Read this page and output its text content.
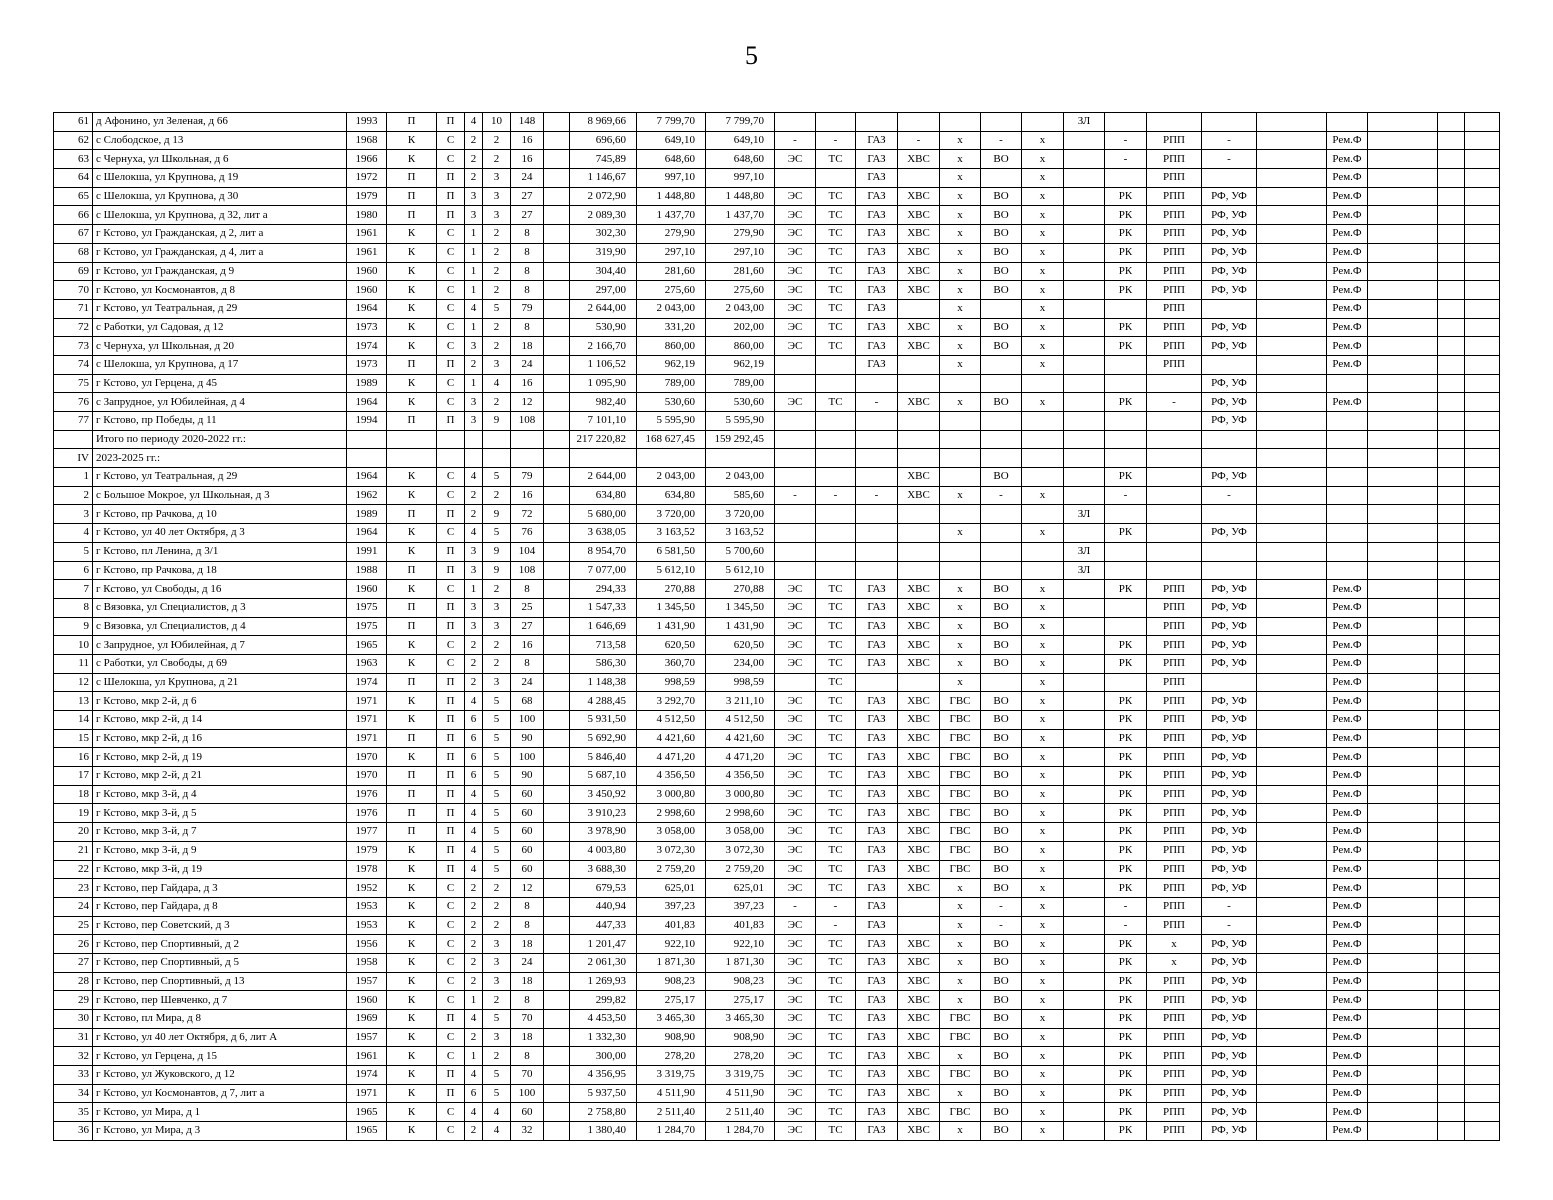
5
61	д Афонино, ул Зеленая, д 66	1993	П	П	4	10	148		8 969,66	7 799,70	7 799,70								ЗЛ								
62	с Слободское, д 13	1968	К	С	2	2	16		696,60	649,10	649,10	-	-	ГАЗ	-	х	-	х		-	РПП	-		Рем.Ф			
63	с Чернуха, ул Школьная, д 6	1966	К	С	2	2	16		745,89	648,60	648,60	ЭС	ТС	ГАЗ	ХВС	х	ВО	х		-	РПП	-		Рем.Ф			
64	с Шелокша, ул Крупнова, д 19	1972	П	П	2	3	24		1 146,67	997,10	997,10			ГАЗ		х		х			РПП			Рем.Ф			
65	с Шелокша, ул Крупнова, д 30	1979	П	П	3	3	27		2 072,90	1 448,80	1 448,80	ЭС	ТС	ГАЗ	ХВС	х	ВО	х		РК	РПП	РФ, УФ		Рем.Ф			
66	с Шелокша, ул Крупнова, д 32, лит а	1980	П	П	3	3	27		2 089,30	1 437,70	1 437,70	ЭС	ТС	ГАЗ	ХВС	х	ВО	х		РК	РПП	РФ, УФ		Рем.Ф			
67	г Кстово, ул Гражданская, д 2, лит а	1961	К	С	1	2	8		302,30	279,90	279,90	ЭС	ТС	ГАЗ	ХВС	х	ВО	х		РК	РПП	РФ, УФ		Рем.Ф			
68	г Кстово, ул Гражданская, д 4, лит а	1961	К	С	1	2	8		319,90	297,10	297,10	ЭС	ТС	ГАЗ	ХВС	х	ВО	х		РК	РПП	РФ, УФ		Рем.Ф			
69	г Кстово, ул Гражданская, д 9	1960	К	С	1	2	8		304,40	281,60	281,60	ЭС	ТС	ГАЗ	ХВС	х	ВО	х		РК	РПП	РФ, УФ		Рем.Ф			
70	г Кстово, ул Космонавтов, д 8	1960	К	С	1	2	8		297,00	275,60	275,60	ЭС	ТС	ГАЗ	ХВС	х	ВО	х		РК	РПП	РФ, УФ		Рем.Ф			
71	г Кстово, ул Театральная, д 29	1964	К	С	4	5	79		2 644,00	2 043,00	2 043,00	ЭС	ТС	ГАЗ		х		х			РПП			Рем.Ф			
72	с Работки, ул Садовая, д 12	1973	К	С	1	2	8		530,90	331,20	202,00	ЭС	ТС	ГАЗ	ХВС	х	ВО	х		РК	РПП	РФ, УФ		Рем.Ф			
73	с Чернуха, ул Школьная, д 20	1974	К	С	3	2	18		2 166,70	860,00	860,00	ЭС	ТС	ГАЗ	ХВС	х	ВО	х		РК	РПП	РФ, УФ		Рем.Ф			
74	с Шелокша, ул Крупнова, д 17	1973	П	П	2	3	24		1 106,52	962,19	962,19			ГАЗ		х		х			РПП			Рем.Ф			
75	г Кстово, ул Герцена, д 45	1989	К	С	1	4	16		1 095,90	789,00	789,00											РФ, УФ					
76	с Запрудное, ул Юбилейная, д 4	1964	К	С	3	2	12		982,40	530,60	530,60	ЭС	ТС	-	ХВС	х	ВО	х		РК	-	РФ, УФ		Рем.Ф			
77	г Кстово, пр Победы, д 11	1994	П	П	3	9	108		7 101,10	5 595,90	5 595,90											РФ, УФ					
	Итого по периоду 2020-2022 гг.:								217 220,82	168 627,45	159 292,45																
IV	2023-2025 гг.:																										
1	г Кстово, ул Театральная, д 29	1964	К	С	4	5	79		2 644,00	2 043,00	2 043,00				ХВС		ВО			РК		РФ, УФ					
2	с Большое Мокрое, ул Школьная, д 3	1962	К	С	2	2	16		634,80	634,80	585,60	-	-	-	ХВС	х	-	х		-		-					
3	г Кстово, пр Рачкова, д 10	1989	П	П	2	9	72		5 680,00	3 720,00	3 720,00								ЗЛ								
4	г Кстово, ул 40 лет Октября, д 3	1964	К	С	4	5	76		3 638,05	3 163,52	3 163,52					х		х		РК		РФ, УФ					
5	г Кстово, пл Ленина, д 3/1	1991	К	П	3	9	104		8 954,70	6 581,50	5 700,60								ЗЛ								
6	г Кстово, пр Рачкова, д 18	1988	П	П	3	9	108		7 077,00	5 612,10	5 612,10								ЗЛ								
7	г Кстово, ул Свободы, д 16	1960	К	С	1	2	8		294,33	270,88	270,88	ЭС	ТС	ГАЗ	ХВС	х	ВО	х		РК	РПП	РФ, УФ		Рем.Ф			
8	с Вязовка, ул Специалистов, д 3	1975	П	П	3	3	25		1 547,33	1 345,50	1 345,50	ЭС	ТС	ГАЗ	ХВС	х	ВО	х			РПП	РФ, УФ		Рем.Ф			
9	с Вязовка, ул Специалистов, д 4	1975	П	П	3	3	27		1 646,69	1 431,90	1 431,90	ЭС	ТС	ГАЗ	ХВС	х	ВО	х			РПП	РФ, УФ		Рем.Ф			
10	с Запрудное, ул Юбилейная, д 7	1965	К	С	2	2	16		713,58	620,50	620,50	ЭС	ТС	ГАЗ	ХВС	х	ВО	х		РК	РПП	РФ, УФ		Рем.Ф			
11	с Работки, ул Свободы, д 69	1963	К	С	2	2	8		586,30	360,70	234,00	ЭС	ТС	ГАЗ	ХВС	х	ВО	х		РК	РПП	РФ, УФ		Рем.Ф			
12	с Шелокша, ул Крупнова, д 21	1974	П	П	2	3	24		1 148,38	998,59	998,59		ТС			х		х			РПП			Рем.Ф			
13	г Кстово, мкр 2-й, д 6	1971	К	П	4	5	68		4 288,45	3 292,70	3 211,10	ЭС	ТС	ГАЗ	ХВС	ГВС	ВО	х		РК	РПП	РФ, УФ		Рем.Ф			
14	г Кстово, мкр 2-й, д 14	1971	К	П	6	5	100		5 931,50	4 512,50	4 512,50	ЭС	ТС	ГАЗ	ХВС	ГВС	ВО	х		РК	РПП	РФ, УФ		Рем.Ф			
15	г Кстово, мкр 2-й, д 16	1971	П	П	6	5	90		5 692,90	4 421,60	4 421,60	ЭС	ТС	ГАЗ	ХВС	ГВС	ВО	х		РК	РПП	РФ, УФ		Рем.Ф			
16	г Кстово, мкр 2-й, д 19	1970	К	П	6	5	100		5 846,40	4 471,20	4 471,20	ЭС	ТС	ГАЗ	ХВС	ГВС	ВО	х		РК	РПП	РФ, УФ		Рем.Ф			
17	г Кстово, мкр 2-й, д 21	1970	П	П	6	5	90		5 687,10	4 356,50	4 356,50	ЭС	ТС	ГАЗ	ХВС	ГВС	ВО	х		РК	РПП	РФ, УФ		Рем.Ф			
18	г Кстово, мкр 3-й, д 4	1976	П	П	4	5	60		3 450,92	3 000,80	3 000,80	ЭС	ТС	ГАЗ	ХВС	ГВС	ВО	х		РК	РПП	РФ, УФ		Рем.Ф			
19	г Кстово, мкр 3-й, д 5	1976	П	П	4	5	60		3 910,23	2 998,60	2 998,60	ЭС	ТС	ГАЗ	ХВС	ГВС	ВО	х		РК	РПП	РФ, УФ		Рем.Ф			
20	г Кстово, мкр 3-й, д 7	1977	П	П	4	5	60		3 978,90	3 058,00	3 058,00	ЭС	ТС	ГАЗ	ХВС	ГВС	ВО	х		РК	РПП	РФ, УФ		Рем.Ф			
21	г Кстово, мкр 3-й, д 9	1979	К	П	4	5	60		4 003,80	3 072,30	3 072,30	ЭС	ТС	ГАЗ	ХВС	ГВС	ВО	х		РК	РПП	РФ, УФ		Рем.Ф			
22	г Кстово, мкр 3-й, д 19	1978	К	П	4	5	60		3 688,30	2 759,20	2 759,20	ЭС	ТС	ГАЗ	ХВС	ГВС	ВО	х		РК	РПП	РФ, УФ		Рем.Ф			
23	г Кстово, пер Гайдара, д 3	1952	К	С	2	2	12		679,53	625,01	625,01	ЭС	ТС	ГАЗ	ХВС	х	ВО	х		РК	РПП	РФ, УФ		Рем.Ф			
24	г Кстово, пер Гайдара, д 8	1953	К	С	2	2	8		440,94	397,23	397,23	-	-	ГАЗ		х	-	х		-	РПП	-		Рем.Ф			
25	г Кстово, пер Советский, д 3	1953	К	С	2	2	8		447,33	401,83	401,83	ЭС	-	ГАЗ		х	-	х		-	РПП	-		Рем.Ф			
26	г Кстово, пер Спортивный, д 2	1956	К	С	2	3	18		1 201,47	922,10	922,10	ЭС	ТС	ГАЗ	ХВС	х	ВО	х		РК	х	РФ, УФ		Рем.Ф			
27	г Кстово, пер Спортивный, д 5	1958	К	С	2	3	24		2 061,30	1 871,30	1 871,30	ЭС	ТС	ГАЗ	ХВС	х	ВО	х		РК	х	РФ, УФ		Рем.Ф			
28	г Кстово, пер Спортивный, д 13	1957	К	С	2	3	18		1 269,93	908,23	908,23	ЭС	ТС	ГАЗ	ХВС	х	ВО	х		РК	РПП	РФ, УФ		Рем.Ф			
29	г Кстово, пер Шевченко, д 7	1960	К	С	1	2	8		299,82	275,17	275,17	ЭС	ТС	ГАЗ	ХВС	х	ВО	х		РК	РПП	РФ, УФ		Рем.Ф			
30	г Кстово, пл Мира, д 8	1969	К	П	4	5	70		4 453,50	3 465,30	3 465,30	ЭС	ТС	ГАЗ	ХВС	ГВС	ВО	х		РК	РПП	РФ, УФ		Рем.Ф			
31	г Кстово, ул 40 лет Октября, д 6, лит А	1957	К	С	2	3	18		1 332,30	908,90	908,90	ЭС	ТС	ГАЗ	ХВС	ГВС	ВО	х		РК	РПП	РФ, УФ		Рем.Ф			
32	г Кстово, ул Герцена, д 15	1961	К	С	1	2	8		300,00	278,20	278,20	ЭС	ТС	ГАЗ	ХВС	х	ВО	х		РК	РПП	РФ, УФ		Рем.Ф			
33	г Кстово, ул Жуковского, д 12	1974	К	П	4	5	70		4 356,95	3 319,75	3 319,75	ЭС	ТС	ГАЗ	ХВС	ГВС	ВО	х		РК	РПП	РФ, УФ		Рем.Ф			
34	г Кстово, ул Космонавтов, д 7, лит а	1971	К	П	6	5	100		5 937,50	4 511,90	4 511,90	ЭС	ТС	ГАЗ	ХВС	х	ВО	х		РК	РПП	РФ, УФ		Рем.Ф			
35	г Кстово, ул Мира, д 1	1965	К	С	4	4	60		2 758,80	2 511,40	2 511,40	ЭС	ТС	ГАЗ	ХВС	ГВС	ВО	х		РК	РПП	РФ, УФ		Рем.Ф			
36	г Кстово, ул Мира, д 3	1965	К	С	2	4	32		1 380,40	1 284,70	1 284,70	ЭС	ТС	ГАЗ	ХВС	х	ВО	х		РК	РПП	РФ, УФ		Рем.Ф			
